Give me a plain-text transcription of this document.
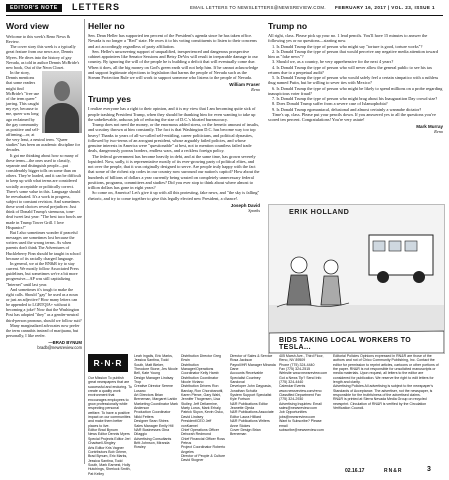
EDITOR'S NOTE	LETTERS	EMAIL LETTERS TO NEWSLETTERS@NEWSREVIEW.COM. FEBRUARY 16, 2017 | VOL. 23, ISSUE 1
Word view

Welcome to this week's Reno News & Review.

The cover story this week is a typically great feature from our news ace, Dennis Myers. He dives into the history of gay Nevada, as told in author Dennis McBride's new book, Out of the Neon Closet.

In the story, Dennis mentions that some readers might find McBride's "free use of the term queer" jarring. This caught my eye, because to me, queer was long ago reclaimed by the gay community as positive and self-affirming—or, at the very least, a neutral term. "Queer studies" has been an academic discipline for decades.

It got me thinking about how so many of these terms—the ones used to classify, separate and distinguish people—put considerably bigger tolls on some than on others. They're loaded, and it can be difficult to keep up with what terms are considered socially acceptable or politically correct. There's some value in this. Language should be reevaluated. It's a work in progress, subject to constant revision. And sometimes these word choices reveal prejudices: Just think of Donald Trump's strenuous, tone-deaf tweet last year: "The best taco bowls are made in Trump Tower Grill. I love Hispanics!"

But I also sometimes wonder if peaceful messages are sometimes lost because the writers used the wrong terms. As when parents don't think The Adventures of Huckleberry Finn should be taught in school because of its racially charged language.

In general, we at the RN&R try to stay current. We mostly follow Associated Press guidelines, but sometimes we're a bit more progressive—AP was still capitalizing "Internet" until last year.

And sometimes it's tough to make the right calls. Should "gay" be used as a noun or just an adjective? How many letters can be appended to LGBTQIA+ without it becoming a joke? Now that the Washington Post has adopted "they" as a gender-neutral third-person pronoun, should we follow suit?

Many marginalized advocates now prefer the term cannabis instead of marijuana, but personally, I like reefer.

—BRAD BYNUM
bradb@newsreview.com
Heller no

Sen. Dean Heller has supported ten percent of the President's agenda since he has taken office. Nevada is no longer a "Red" state. He owes it to his voting constituents to listen to their concerns and act accordingly regardless of party affiliation.

Sen. Heller's unwavering support of unqualified, inexperienced and dangerous prospective cabinet appointees like Senator Sessions and Betsy DeVos will result in irreparable damage to our country. By ignoring the will of the people he is building a deficit that will eventually come due. When it does, all the big money on God's green earth will not help him. If he cannot acknowledge and support legitimate objections to legislation that harms the people of Nevada such as the Stream Protection Rule we will work to support someone who listens to the people of Nevada.

William Fraser
Reno
Trump yes

I realize everyone has a right to their opinion, and it is my view that I am becoming quite sick of people trashing President Trump, when they should be thanking him for even wanting to take up the unbelievable, arduous job of reducing the size of D.C.'s bloated bureaucracy.

Trump does not need the money, or the enormous added stress, or the frenetic amount of insults, and scrutiny thrown at him constantly. The fact is that Washington D.C. has become way too top heavy! Thanks to years of all-so-called self-entitling, career politicians, and political dynasties, followed by two-terms of an arrogant president, whose arguably failed policies, and whose genuine interests in America were "questionable" at best, not to mention countless failed trade deals, dangerously porous borders, endless wars, and a reckless foreign policy.

The federal government has become heavily in debt, and at the same time, has grown severely lopsided. Now, sadly, it is representative mostly of its ever-growing party of political elites, and not over the people, that it was originally designed to serve. Are people truly happy with the fact that some of the richest zip codes in our country now surround our nation's capitol? How about the hundreds of billions of dollars a year currently being wasted on completely unnecessary federal positions, programs, committees and studies? Did you ever stop to think about where almost to trillion dollars has gone in eight years?

So come on, America! Let's give it up with all this protesting, fake news, and "the sky is falling" rhetoric, and try to come together to give this legally elected new President, a chance!.

Joseph David
Sparks
Trump no

All right, class. Please pick up your no. 1 lead pencils. You'll have 15 minutes to answer the following yes or no questions—starting now.

1. Is Donald Trump the type of person who might say "torture is good, torture works"?

2. Is Donald Trump the type of person that would perceive any negative media attention toward him as "fake news"?

3. Should we, as a country, be very apprehensive for the next 4 years?

4. Is Donald Trump the type of person who will never allow the general public to see his tax returns due to a perpetual audit?

5. Is Donald Trump the type of person who would safely feel a certain simpatico with a ruthless thug named Putin, but be willing to sever ties with Mexico?

6. Is Donald Trump the type of person who might be likely to spend millions on a probe regarding inauspicious voter fraud?

7. Is Donald Trump the type of person who might brag about his Inauguration Day crowd size?

8. Does Donald Trump suffer from a severe case of Islamophobia?

9. Is Donald Trump egomaniacal, delusional and almost certainly a wannabe dictator?

Time's up, class. Please put your pencils down. If you answered yes to all the questions you've scored ten percent. Congratulations! You're very astute!

Mark Murray
Reno
ERIK HOLLAND
BIDS TAKING LOCAL WORKERS TO TESLA...
R·N·R
Our Mission To publish great newspapers that are successful and enduring. To create a quality work environment that encourages employees to grow professionally while respecting personal welfare. To have a positive impact on our communities and make them better places to live.
Editor Brad Bynum
News Editor Dennis Myers
Special Projects Editor Jeri Chadwell-Singley
Arts Editor Kris Vagner
Contributors Bob Grimm, Brad Bynum, Eric Marks, Jessica Santina, Todd South, Mark Earnest, Holly Hutchings, Sherlock Smith, Pat Kelley
Leah Ingalls, Eric Marks, Jessica Santina, Todd South, Matt Bieker, Theodore Stone, Jes Nicole Bell, Kate Young
Design Manager Lindsay Trop
Creative Director Serene Lusano
Art Directors Brian Breneman, Margaret Larkin
Marketing Coordinator Mark Anderson
Production Coordinator Nikki Fetters
Designer Sean Shires
Sales Manager Emily Hill
NAR Businesses Gina DiIaggio
Advertising Consultants Britt Johnson, Miranda Rowley
Distribution Director Greg Erwin
Distribution Manager/Operations Coordinator Kelly Hamb
Distribution Coordinator Nicole Viviano
Distribution Drivers Ron Barclay, Ron Chorobanotti, Karen Pierce, Gary Wahl, Jennifer Thogersen, Lisa Stolley, Jeff Dellarmine, Marty Lorus, Mark Erhaly, Patrick Skyon, Kevin Osko, David Lindsey
President/CEO Jeff vonKaenel
Chief Operations Officer Deborah Redmond
Chief Financial Officer Ross Petrus
Project Coordinator Roberto Angeles
Director of People & Culture David Stogner
Director of Sales & Service Rosa Jackson
Payroll/HR Manager Miranda Dane
Accounts Receivable Specialist Courtney Sandoval
Developer John Daypasia, Jonathan Schultz
System Support Specialist Kyle Fortson
N&R Publications Editor Jeanette Ojeda
N&R Publications Associate Editor Laura Hilliard
N&R Publications Writers Anne Stokes
Cover Design Brian Breneman
405 Marsh Ave., Third Floor, Reno, NV 89509
Phone (775) 324-4440
Fax (775) 324-2515
Website www.newsreview.com
Got a News Tip? Send Info (775) 324-4440
Calendar Events www.newsreview.com/reno
Classified Department Fax (775) 324-2930
Advertising Inquiries: Email sales@newsreview.com
Job Opportunities jobs@newsreview.com
Want to Subscribe? Please email subscribe@newsreview.com
Editorial Policies Opinions expressed in RN&R are those of the authors and not of Chico Community Publishing, Inc. Contact the editor for permission to reprint articles, cartoons or other portions of the paper. RN&R is not responsible for unsolicited manuscripts or media materials. Upon request, all letters to the editor are considered for publication. We reserve the right to edit letters for length and clarity.
Advertising Policies All advertising is subject to the newspaper's Standards of Acceptance. The advertiser, not the newspaper, is responsible for the truthfulness of the advertised claims.
RN&R is printed at Sierra Nevada Media Group on recycled newsprint. Circulation of RN&R is verified by the Circulation Verification Council.
02.16.17	RN&R	3
